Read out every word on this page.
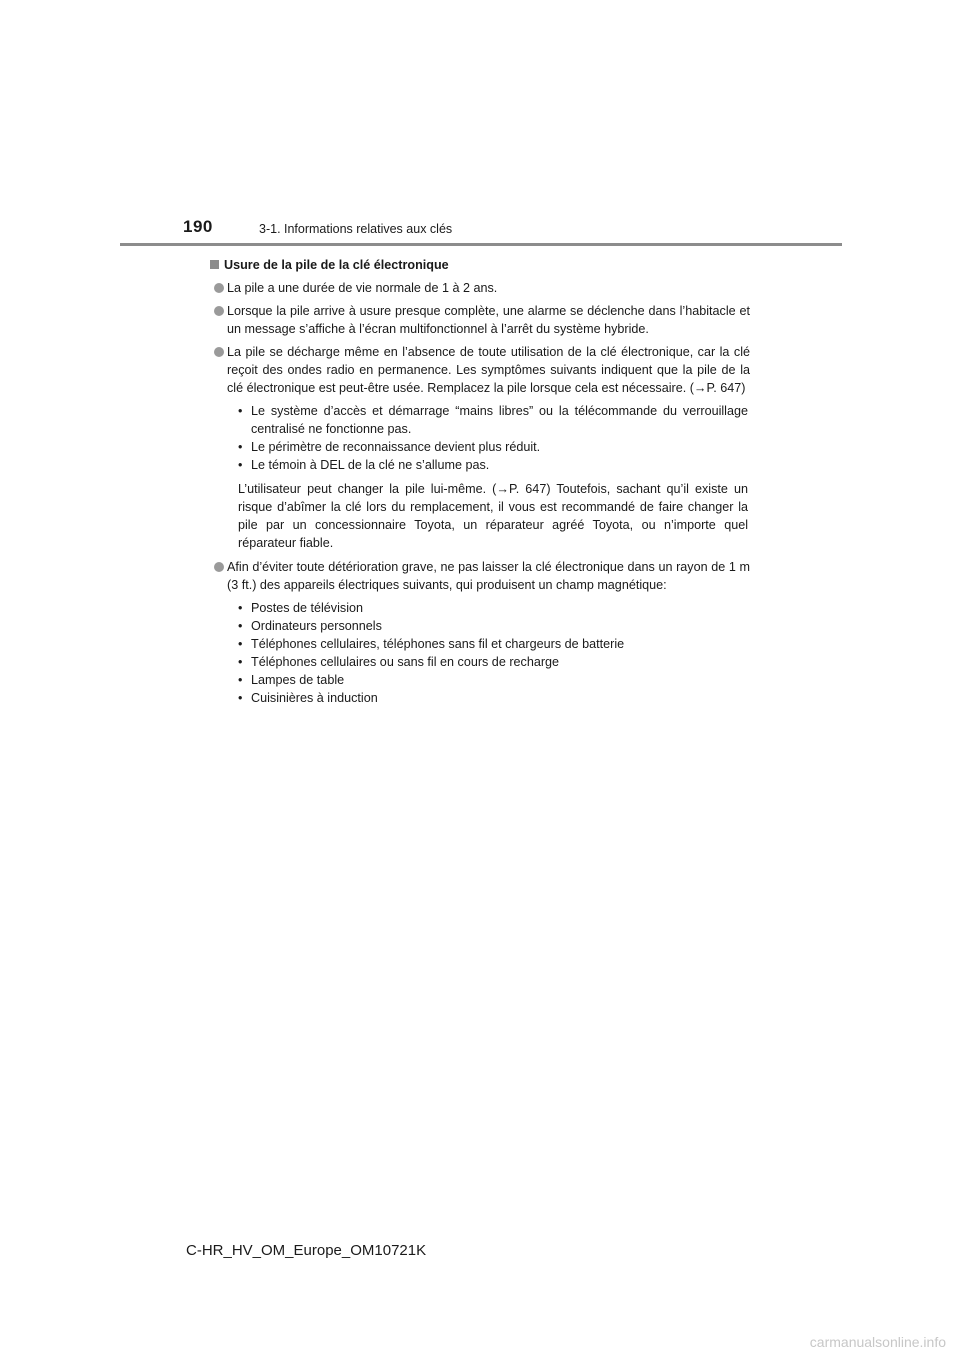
190	3-1. Informations relatives aux clés
Usure de la pile de la clé électronique
La pile a une durée de vie normale de 1 à 2 ans.
Lorsque la pile arrive à usure presque complète, une alarme se déclenche dans l’habitacle et un message s’affiche à l’écran multifonctionnel à l’arrêt du système hybride.
La pile se décharge même en l’absence de toute utilisation de la clé électronique, car la clé reçoit des ondes radio en permanence. Les symptômes suivants indiquent que la pile de la clé électronique est peut-être usée. Remplacez la pile lorsque cela est nécessaire. (→P. 647)
• Le système d’accès et démarrage “mains libres” ou la télécommande du verrouillage centralisé ne fonctionne pas.
• Le périmètre de reconnaissance devient plus réduit.
• Le témoin à DEL de la clé ne s’allume pas.
L’utilisateur peut changer la pile lui-même. (→P. 647) Toutefois, sachant qu’il existe un risque d’abîmer la clé lors du remplacement, il vous est recommandé de faire changer la pile par un concessionnaire Toyota, un réparateur agréé Toyota, ou n’importe quel réparateur fiable.
Afin d’éviter toute détérioration grave, ne pas laisser la clé électronique dans un rayon de 1 m (3 ft.) des appareils électriques suivants, qui produisent un champ magnétique:
• Postes de télévision
• Ordinateurs personnels
• Téléphones cellulaires, téléphones sans fil et chargeurs de batterie
• Téléphones cellulaires ou sans fil en cours de recharge
• Lampes de table
• Cuisinières à induction
C-HR_HV_OM_Europe_OM10721K
carmanualsonline.info
